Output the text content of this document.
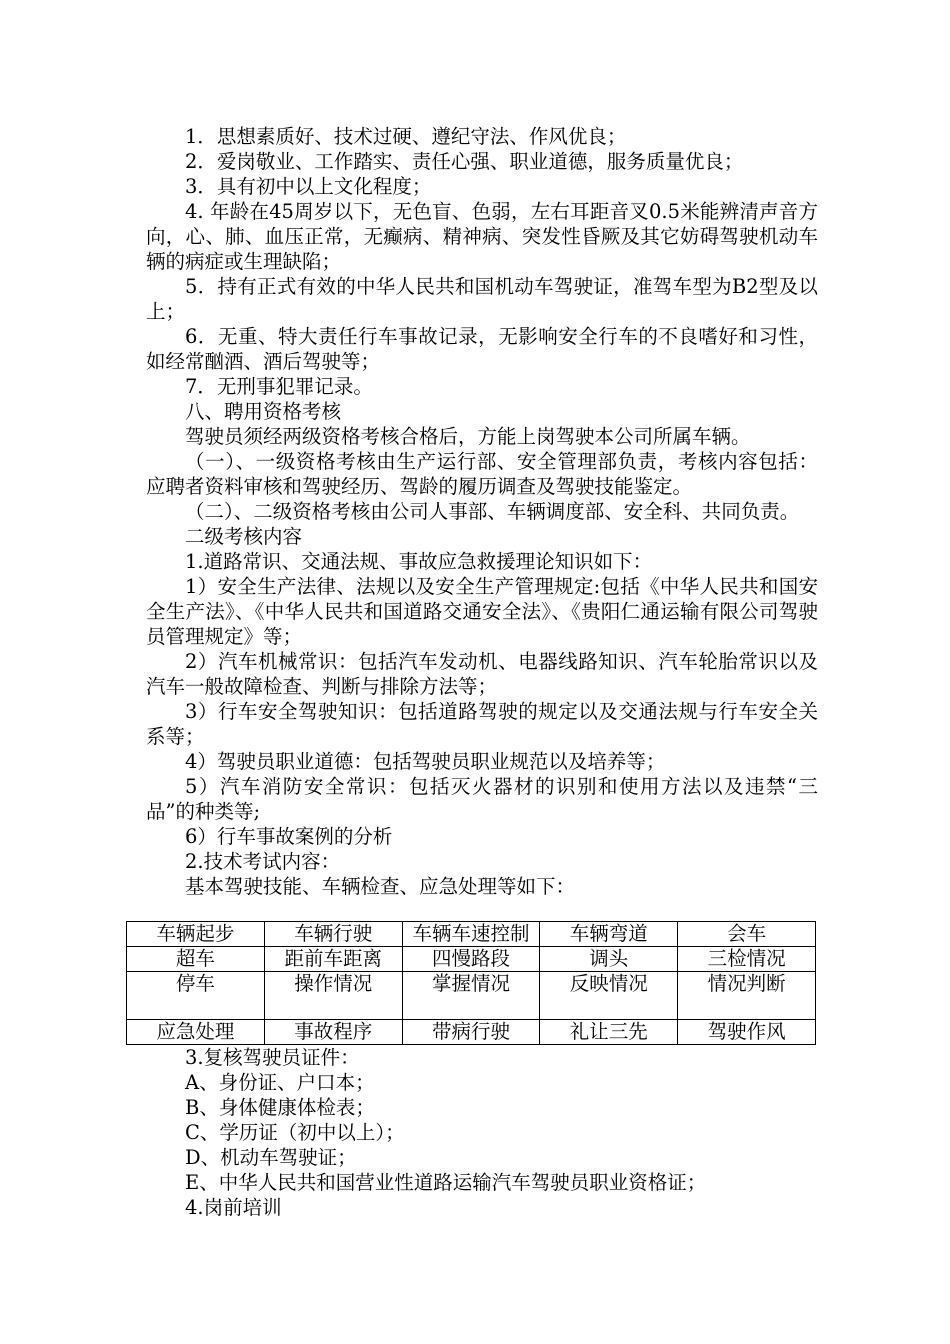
1．思想素质好、技术过硬、遵纪守法、作风优良；

2．爱岗敬业、工作踏实、责任心强、职业道德，服务质量优良；

3．具有初中以上文化程度；

4. 年龄在45周岁以下，无色盲、色弱，左右耳距音叉0.5米能辨清声音方向，心、肺、血压正常，无癫病、精神病、突发性昏厥及其它妨碍驾驶机动车辆的病症或生理缺陷；

5．持有正式有效的中华人民共和国机动车驾驶证，准驾车型为B2型及以上；

6．无重、特大责任行车事故记录，无影响安全行车的不良嗜好和习性，如经常酗酒、酒后驾驶等；

7．无刑事犯罪记录。

八、聘用资格考核

驾驶员须经两级资格考核合格后，方能上岗驾驶本公司所属车辆。

（一）、一级资格考核由生产运行部、安全管理部负责，考核内容包括：应聘者资料审核和驾驶经历、驾龄的履历调查及驾驶技能鉴定。

（二）、二级资格考核由公司人事部、车辆调度部、安全科、共同负责。

二级考核内容

1.道路常识、交通法规、事故应急救援理论知识如下：

1）安全生产法律、法规以及安全生产管理规定:包括《中华人民共和国安全生产法》、《中华人民共和国道路交通安全法》、《贵阳仁通运输有限公司驾驶员管理规定》等；

2）汽车机械常识：包括汽车发动机、电器线路知识、汽车轮胎常识以及汽车一般故障检查、判断与排除方法等；

3）行车安全驾驶知识：包括道路驾驶的规定以及交通法规与行车安全关系等；

4）驾驶员职业道德：包括驾驶员职业规范以及培养等；

5）汽车消防安全常识：包括灭火器材的识别和使用方法以及违禁“三品”的种类等;

6）行车事故案例的分析

2.技术考试内容：

基本驾驶技能、车辆检查、应急处理等如下：

车辆起步	车辆行驶	车辆车速控制	车辆弯道	会车
超车	距前车距离	四慢路段	调头	三检情况
停车	操作情况	掌握情况	反映情况	情况判断
应急处理	事故程序	带病行驶	礼让三先	驾驶作风

3.复核驾驶员证件：

A、身份证、户口本；

B、身体健康体检表；

C、学历证（初中以上）；

D、机动车驾驶证；

E、中华人民共和国营业性道路运输汽车驾驶员职业资格证；

4.岗前培训
